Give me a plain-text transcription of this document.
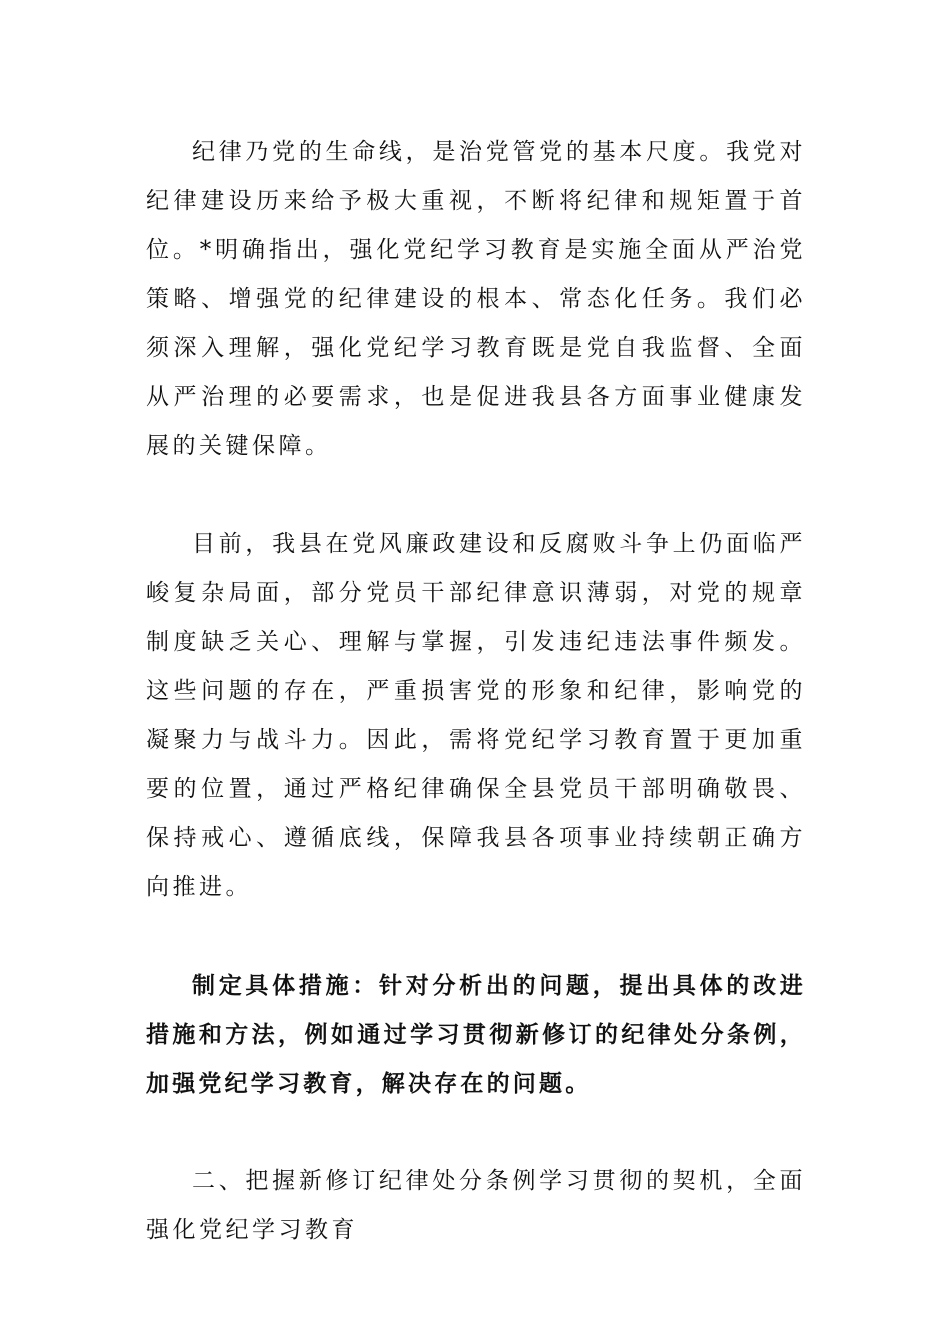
纪律乃党的生命线，是治党管党的基本尺度。我党对纪律建设历来给予极大重视，不断将纪律和规矩置于首位。*明确指出，强化党纪学习教育是实施全面从严治党策略、增强党的纪律建设的根本、常态化任务。我们必须深入理解，强化党纪学习教育既是党自我监督、全面从严治理的必要需求，也是促进我县各方面事业健康发展的关键保障。

目前，我县在党风廉政建设和反腐败斗争上仍面临严峻复杂局面，部分党员干部纪律意识薄弱，对党的规章制度缺乏关心、理解与掌握，引发违纪违法事件频发。这些问题的存在，严重损害党的形象和纪律，影响党的凝聚力与战斗力。因此，需将党纪学习教育置于更加重要的位置，通过严格纪律确保全县党员干部明确敬畏、保持戒心、遵循底线，保障我县各项事业持续朝正确方向推进。

制定具体措施：针对分析出的问题，提出具体的改进措施和方法，例如通过学习贯彻新修订的纪律处分条例，加强党纪学习教育，解决存在的问题。

二、把握新修订纪律处分条例学习贯彻的契机，全面强化党纪学习教育
